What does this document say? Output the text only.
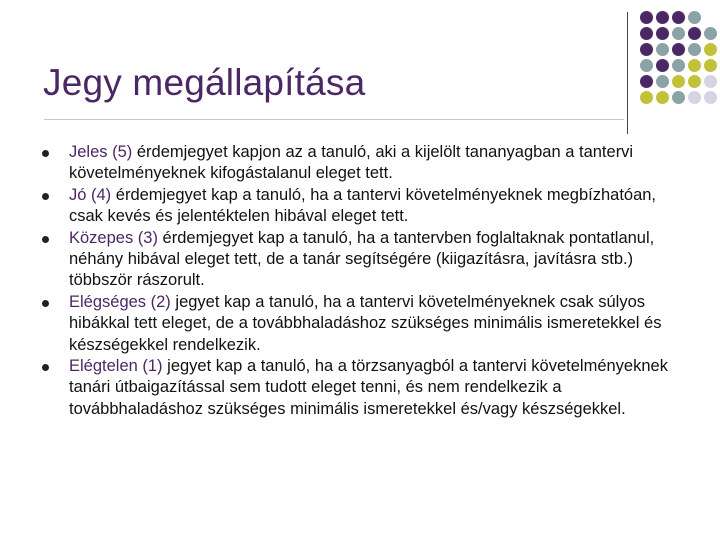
Jegy megállapítása
Jeles (5) érdemjegyet kapjon az a tanuló, aki a kijelölt tananyagban a tantervi követelményeknek kifogástalanul eleget tett.
Jó (4) érdemjegyet kap a tanuló, ha a tantervi követelményeknek megbízhatóan, csak kevés és jelentéktelen hibával eleget tett.
Közepes (3) érdemjegyet kap a tanuló, ha a tantervben foglaltaknak pontatlanul, néhány hibával eleget tett, de a tanár segítségére (kiigazításra, javításra stb.) többször rászorult.
Elégséges (2) jegyet kap a tanuló, ha a tantervi követelményeknek csak súlyos hibákkal tett eleget, de a továbbhaladáshoz szükséges minimális ismeretekkel és készségekkel rendelkezik.
Elégtelen (1) jegyet kap a tanuló, ha a törzsanyagból a tantervi követelményeknek tanári útbaigazítással sem tudott eleget tenni, és nem rendelkezik a továbbhaladáshoz szükséges minimális ismeretekkel és/vagy készségekkel.
